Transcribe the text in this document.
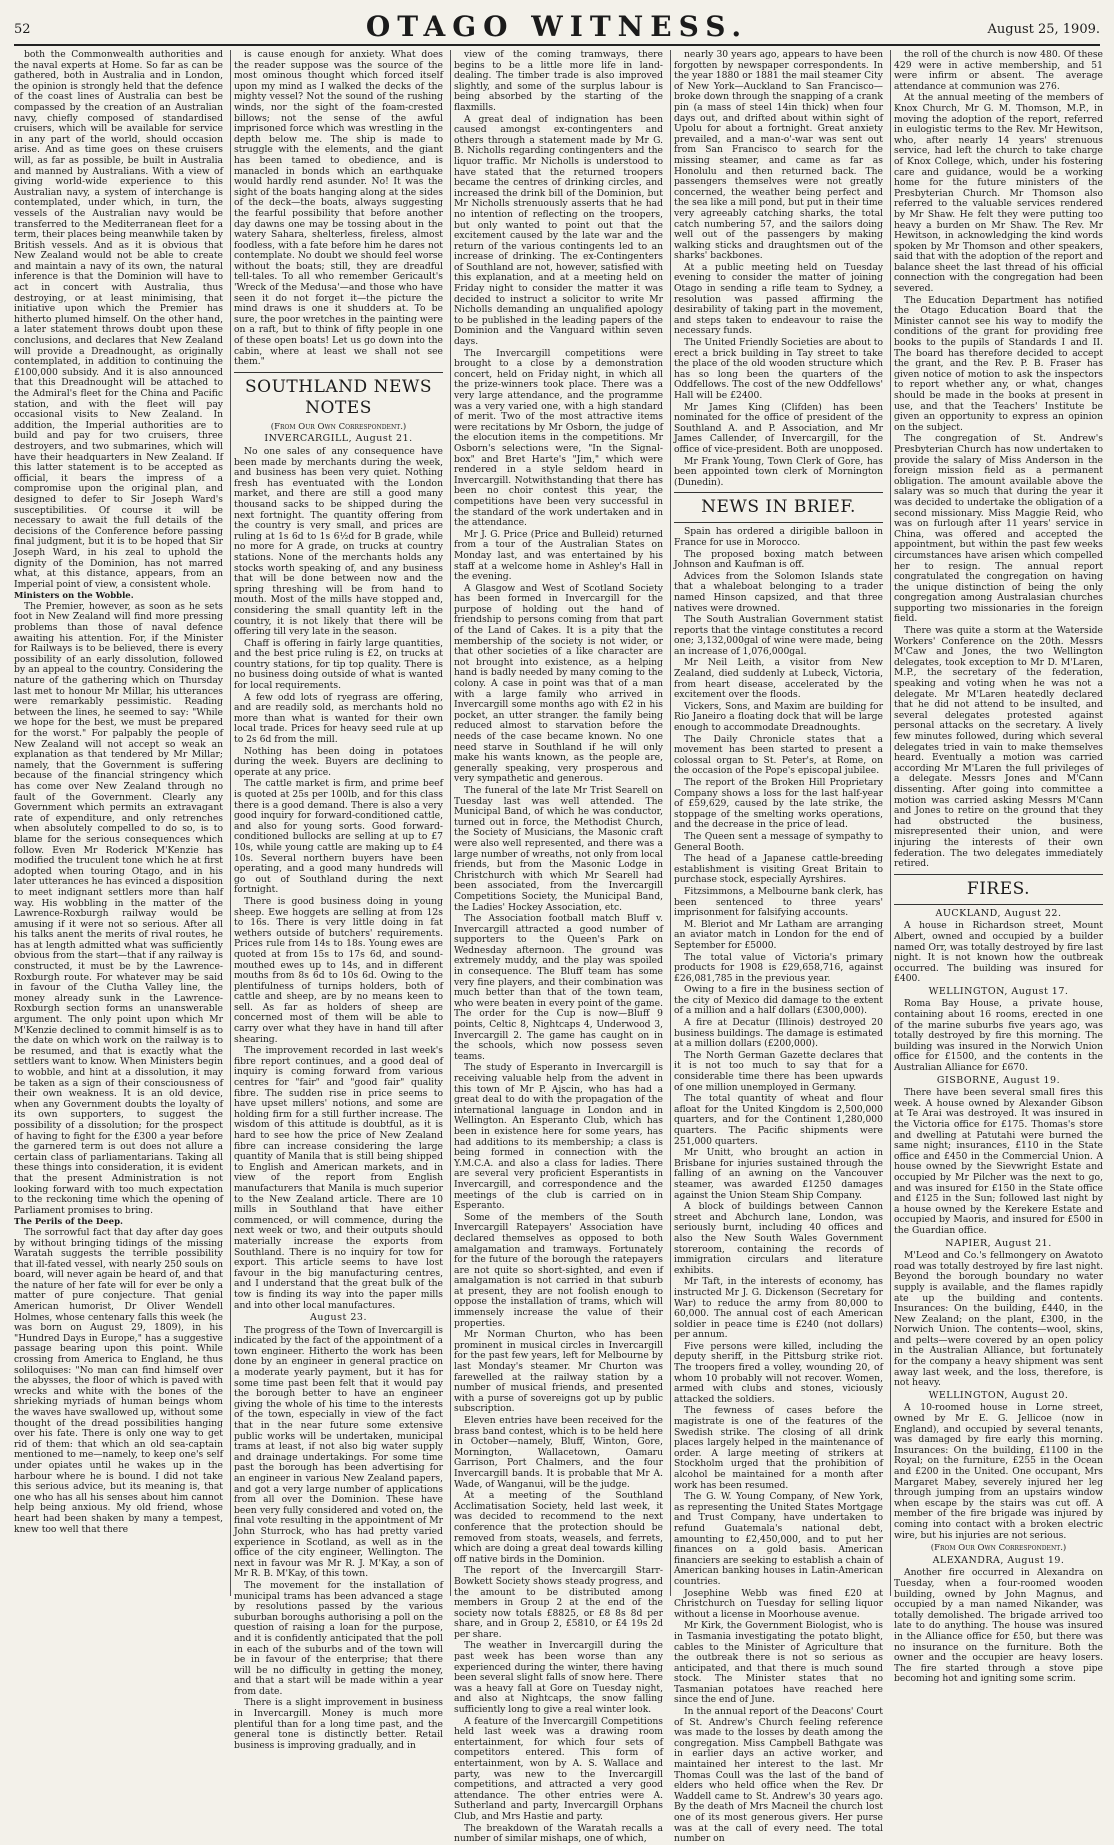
52	OTAGO WITNESS.	August 25, 1909.

both the Commonwealth authorities and the naval experts at Home. So far as can be gathered, both in Australia and in London, the opinion is strongly held that the defence of the coast lines of Australia can best be compassed by the creation of an Australian navy, chiefly composed of standardised cruisers, which will be available for service in any part of the world, should occasion arise. And as time goes on these cruisers will, as far as possible, be built in Australia and manned by Australians. With a view of giving world-wide experience to this Australian navy, a system of interchange is contemplated, under which, in turn, the vessels of the Australian navy would be transferred to the Mediterranean fleet for a term, their places being meanwhile taken by British vessels. And as it is obvious that New Zealand would not be able to create and maintain a navy of its own, the natural inference is that the Dominion will have to act in concert with Australia, thus destroying, or at least minimising, that initiative upon which the Premier has hitherto plumed himself. On the other hand, a later statement throws doubt upon these conclusions, and declares that New Zealand will provide a Dreadnought, as originally contemplated, in addition to continuing the £100,000 subsidy. And it is also announced that this Dreadnought will be attached to the Admiral's fleet for the China and Pacific station, and with the fleet will pay occasional visits to New Zealand. In addition, the Imperial authorities are to build and pay for two cruisers, three destroyers, and two submarines, which will have their headquarters in New Zealand. If this latter statement is to be accepted as official, it bears the impress of a compromise upon the original plan, and designed to defer to Sir Joseph Ward's susceptibilities. Of course it will be necessary to await the full details of the decisions of the Conference before passing final judgment, but it is to be hoped that Sir Joseph Ward, in his zeal to uphold the dignity of the Dominion, has not marred what, at this distance, appears, from an Imperial point of view, a consistent whole.

Ministers on the Wobble.

The Premier, however, as soon as he sets foot in New Zealand will find more pressing problems than those of naval defence awaiting his attention. For, if the Minister for Railways is to be believed, there is every possibility of an early dissolution, followed by an appeal to the country. Considering the nature of the gathering which on Thursday last met to honour Mr Millar, his utterances were remarkably pessimistic. Reading between the lines, he seemed to say: "While we hope for the best, we must be prepared for the worst." For palpably the people of New Zealand will not accept so weak an explanation as that tendered by Mr Millar; namely, that the Government is suffering because of the financial stringency which has come over New Zealand through no fault of the Government. Clearly any Government which permits an extravagant rate of expenditure, and only retrenches when absolutely compelled to do so, is to blame for the serious consequences which follow. Even Mr Roderick M'Kenzie has modified the truculent tone which he at first adopted when touring Otago, and in his later utterances he has evinced a disposition to meet indignant settlers more than half way. His wobbling in the matter of the Lawrence-Roxburgh railway would be amusing if it were not so serious. After all his talks anent the merits of rival routes, he has at length admitted what was sufficiently obvious from the start—that if any railway is constructed, it must be by the Lawrence-Roxburgh route. For whatever may be said in favour of the Clutha Valley line, the money already sunk in the Lawrence-Roxburgh section forms an unanswerable argument. The only point upon which Mr M'Kenzie declined to commit himself is as to the date on which work on the railway is to be resumed, and that is exactly what the settlers want to know. When Ministers begin to wobble, and hint at a dissolution, it may be taken as a sign of their consciousness of their own weakness. It is an old device, when any Government doubts the loyalty of its own supporters, to suggest the possibility of a dissolution; for the prospect of having to fight for the £300 a year before the garnered term is out does not allure a certain class of parliamentarians. Taking all these things into consideration, it is evident that the present Administration is not looking forward with too much expectation to the reckoning time which the opening of Parliament promises to bring.

The Perils of the Deep.

The sorrowful fact that day after day goes by without bringing tidings of the missing Waratah suggests the terrible possibility that ill-fated vessel, with nearly 250 souls on board, will never again be heard of, and that the nature of her fate will for ever be only a matter of pure conjecture. That genial American humorist, Dr Oliver Wendell Holmes, whose centenary falls this week (he was born on August 29, 1809), in his "Hundred Days in Europe," has a suggestive passage bearing upon this point. While crossing from America to England, he thus soliloquises: "No man can find himself over the abysses, the floor of which is paved with wrecks and white with the bones of the shrieking myriads of human beings whom the waves have swallowed up, without some thought of the dread possibilities hanging over his fate. There is only one way to get rid of them: that which an old sea-captain mentioned to me—namely, to keep one's self under opiates until he wakes up in the harbour where he is bound. I did not take this serious advice, but its meaning is, that one who has all his senses about him cannot help being anxious. My old friend, whose heart had been shaken by many a tempest, knew too well that there

is cause enough for anxiety. What does the reader suppose was the source of the most ominous thought which forced itself upon my mind as I walked the decks of the mighty vessel? Not the sound of the rushing winds, nor the sight of the foam-crested billows; not the sense of the awful imprisoned force which was wrestling in the depth below me. The ship is made to struggle with the elements, and the giant has been tamed to obedience, and is manacled in bonds which an earthquake would hardly rend asunder. No! It was the sight of the boats hanging along at the sides of the deck—the boats, always suggesting the fearful possibility that before another day dawns one may be tossing about in the watery Sahara, shelterless, fireless, almost foodless, with a fate before him he dares not contemplate. No doubt we should feel worse without the boats; still, they are dreadful tell-tales. To all who remember Gericault's 'Wreck of the Medusa'—and those who have seen it do not forget it—the picture the mind draws is one it shudders at. To be sure, the poor wretches in the painting were on a raft, but to think of fifty people in one of these open boats! Let us go down into the cabin, where at least we shall not see them."

SOUTHLAND NEWS NOTES
(From Our Own Correspondent.)
INVERCARGILL, August 21.

No one sales of any consequence have been made by merchants during the week, and business has been very quiet. Nothing fresh has eventuated with the London market, and there are still a good many thousand sacks to be shipped during the next fortnight. The quantity offering from the country is very small, and prices are ruling at 1s 6d to 1s 6½d for B grade, while no more for A grade, on trucks at country stations. None of the merchants holds any stocks worth speaking of, and any business that will be done between now and the spring threshing will be from hand to mouth. Most of the mills have stopped and, considering the small quantity left in the country, it is not likely that there will be offering till very late in the season.

Chaff is offering in fairly large quantities, and the best price ruling is £2, on trucks at country stations, for tip top quality. There is no business doing outside of what is wanted for local requirements.

A few odd lots of ryegrass are offering, and are readily sold, as merchants hold no more than what is wanted for their own local trade. Prices for heavy seed rule at up to 2s 6d from the mill.

Nothing has been doing in potatoes during the week. Buyers are declining to operate at any price.

The cattle market is firm, and prime beef is quoted at 25s per 100lb, and for this class there is a good demand. There is also a very good inquiry for forward-conditioned cattle, and also for young sorts. Good forward-conditioned bullocks are selling at up to £7 10s, while young cattle are making up to £4 10s. Several northern buyers have been operating, and a good many hundreds will go out of Southland during the next fortnight.

There is good business doing in young sheep. Ewe hoggets are selling at from 12s to 16s. There is very little doing in fat wethers outside of butchers' requirements. Prices rule from 14s to 18s. Young ewes are quoted at from 15s to 17s 6d, and sound-mouthed ewes up to 14s, and in different mouths from 8s 6d to 10s 6d. Owing to the plentifulness of turnips holders, both of cattle and sheep, are by no means keen to sell. As far as holders of sheep are concerned most of them will be able to carry over what they have in hand till after shearing.

The improvement recorded in last week's fibre report continues, and a good deal of inquiry is coming forward from various centres for "fair" and "good fair" quality fibre. The sudden rise in price seems to have upset millers' notions, and some are holding firm for a still further increase. The wisdom of this attitude is doubtful, as it is hard to see how the price of New Zealand fibre can increase considering the large quantity of Manila that is still being shipped to English and American markets, and in view of the report from English manufacturers that Manila is much superior to the New Zealand article. There are 10 mills in Southland that have either commenced, or will commence, during the next week or two, and their outputs should materially increase the exports from Southland. There is no inquiry for tow for export. This article seems to have lost favour in the big manufacturing centres, and I understand that the great bulk of the tow is finding its way into the paper mills and into other local manufactures.

August 23.

The progress of the Town of Invercargill is indicated by the fact of the appointment of a town engineer. Hitherto the work has been done by an engineer in general practice on a moderate yearly payment, but it has for some time past been felt that it would pay the borough better to have an engineer giving the whole of his time to the interests of the town, especially in view of the fact that in the near future some extensive public works will be undertaken, municipal trams at least, if not also big water supply and drainage undertakings. For some time past the borough has been advertising for an engineer in various New Zealand papers, and got a very large number of applications from all over the Dominion. These have been very fully considered and voted on, the final vote resulting in the appointment of Mr John Sturrock, who has had pretty varied experience in Scotland, as well as in the office of the city engineer, Wellington. The next in favour was Mr R. J. M'Kay, a son of Mr R. B. M'Kay, of this town.

The movement for the installation of municipal trams has been advanced a stage by resolutions passed by the various suburban boroughs authorising a poll on the question of raising a loan for the purpose, and it is confidently anticipated that the poll in each of the suburbs and of the town will be in favour of the enterprise; that there will be no difficulty in getting the money, and that a start will be made within a year from date.

There is a slight improvement in business in Invercargill. Money is much more plentiful than for a long time past, and the general tone is distinctly better. Retail business is improving gradually, and in

view of the coming tramways, there begins to be a little more life in land-dealing. The timber trade is also improved slightly, and some of the surplus labour is being absorbed by the starting of the flaxmills.

A great deal of indignation has been caused amongst ex-contingenters and others through a statement made by Mr G. B. Nicholls regarding contingenters and the liquor traffic. Mr Nicholls is understood to have stated that the returned troopers became the centres of drinking circles, and increased the drink bill of the Dominion, but Mr Nicholls strenuously asserts that he had no intention of reflecting on the troopers, but only wanted to point out that the excitement caused by the late war and the return of the various contingents led to an increase of drinking. The ex-Contingenters of Southland are not, however, satisfied with this explanation, and at a meeting held on Friday night to consider the matter it was decided to instruct a solicitor to write Mr Nicholls demanding an unqualified apology to be published in the leading papers of the Dominion and the Vanguard within seven days.

The Invercargill competitions were brought to a close by a demonstration concert, held on Friday night, in which all the prize-winners took place. There was a very large attendance, and the programme was a very varied one, with a high standard of merit. Two of the most attractive items were recitations by Mr Osborn, the judge of the elocution items in the competitions. Mr Osborn's selections were, "In the Signal-box" and Bret Harte's "Jim," which were rendered in a style seldom heard in Invercargill. Notwithstanding that there has been no choir contest this year, the competitions have been very successful in the standard of the work undertaken and in the attendance.

Mr J. G. Price (Price and Bulleid) returned from a tour of the Australian States on Monday last, and was entertained by his staff at a welcome home in Ashley's Hall in the evening.

A Glasgow and West of Scotland Society has been formed in Invercargill for the purpose of holding out the hand of friendship to persons coming from that part of the Land of Cakes. It is a pity that the membership of the society is not wider, or that other societies of a like character are not brought into existence, as a helping hand is badly needed by many coming to the colony. A case in point was that of a man with a large family who arrived in Invercargill some months ago with £2 in his pocket, an utter stranger. the family being reduced almost to starvation before the needs of the case became known. No one need starve in Southland if he will only make his wants known, as the people are, generally speaking, very prosperous and very sympathetic and generous.

The funeral of the late Mr Trist Searell on Tuesday last was well attended. The Municipal Band, of which he was conductor, turned out in force, the Methodist Church, the Society of Musicians, the Masonic craft were also well represented, and there was a large number of wreaths, not only from local friends, but from the Masonic Lodge in Christchurch with which Mr Searell had been associated, from the Invercargill Competitions Society, the Municipal Band, the Ladies' Hockey Association, etc.

The Association football match Bluff v. Invercargill attracted a good number of supporters to the Queen's Park on Wednesday afternoon. The ground was extremely muddy, and the play was spoiled in consequence. The Bluff team has some very fine players, and their combination was much better than that of the town team, who were beaten in every point of the game. The order for the Cup is now—Bluff 9 points, Celtic 8, Nightcaps 4, Underwood 3, Invercargill 2. The game has caught on in the schools, which now possess seven teams.

The study of Esperanto in Invercargill is receiving valuable help from the advent in this town of Mr P. Ajscin, who has had a great deal to do with the propagation of the international language in London and in Wellington. An Esperanto Club, which has been in existence here for some years, has had additions to its membership; a class is being formed in connection with the Y.M.C.A. and also a class for ladies. There are several very proficient Esperantists in Invercargill, and correspondence and the meetings of the club is carried on in Esperanto.

Some of the members of the South Invercargill Ratepayers' Association have declared themselves as opposed to both amalgamation and tramways. Fortunately for the future of the borough the ratepayers are not quite so short-sighted, and even if amalgamation is not carried in that suburb at present, they are not foolish enough to oppose the installation of trams, which will immensely increase the value of their properties.

Mr Norman Churton, who has been prominent in musical circles in Invercargill for the past few years, left for Melbourne by last Monday's steamer. Mr Churton was farewelled at the railway station by a number of musical friends, and presented with a purse of sovereigns got up by public subscription.

Eleven entries have been received for the brass band contest, which is to be held here in October—namely, Bluff, Winton, Gore, Mornington, Wallacetown, Oamaru Garrison, Port Chalmers, and the four Invercargill bands. It is probable that Mr A. Wade, of Wanganui, will be the judge.

At a meeting of the Southland Acclimatisation Society, held last week, it was decided to recommend to the next conference that the protection should be removed from stoats, weasels, and ferrets, which are doing a great deal towards killing off native birds in the Dominion.

The report of the Invercargill Starr-Bowkett Society shows steady progress, and the amount to be distributed among members in Group 2 at the end of the society now totals £8825, or £8 8s 8d per share, and in Group 2, £5810, or £4 19s 2d per share.

The weather in Invercargill during the past week has been worse than any experienced during the winter, there having been several slight falls of snow here. There was a heavy fall at Gore on Tuesday night, and also at Nightcaps, the snow falling sufficiently long to give a real winter look.

A feature of the Invercargill Competitions held last week was a drawing room entertainment, for which four sets of competitors entered. This form of entertainment, won by A. S. Wallace and party, was new to the Invercargill competitions, and attracted a very good attendance. The other entries were A. Sutherland and party, Invercargill Orphans Club, and Mrs Hastie and party.

The breakdown of the Waratah recalls a number of similar mishaps, one of which,

nearly 30 years ago, appears to have been forgotten by newspaper correspondents. In the year 1880 or 1881 the mail steamer City of New York—Auckland to San Francisco—broke down through the snapping of a crank pin (a mass of steel 14in thick) when four days out, and drifted about within sight of Upolu for about a fortnight. Great anxiety prevailed, and a man-o'-war was sent out from San Francisco to search for the missing steamer, and came as far as Honolulu and then returned back. The passengers themselves were not greatly concerned, the weather being perfect and the sea like a mill pond, but put in their time very agreeably catching sharks, the total catch numbering 57, and the sailors doing well out of the passengers by making walking sticks and draughtsmen out of the sharks' backbones.

At a public meeting held on Tuesday evening to consider the matter of joining Otago in sending a rifle team to Sydney, a resolution was passed affirming the desirability of taking part in the movement, and steps taken to endeavour to raise the necessary funds.

The United Friendly Societies are about to erect a brick building in Tay street to take the place of the old wooden structure which has so long been the quarters of the Oddfellows. The cost of the new Oddfellows' Hall will be £2400.

Mr James King (Clifden) has been nominated for the office of president of the Southland A. and P. Association, and Mr James Callender, of Invercargill, for the office of vice-president. Both are unopposed.

Mr Frank Young, Town Clerk of Gore, has been appointed town clerk of Mornington (Dunedin).

NEWS IN BRIEF.

Spain has ordered a dirigible balloon in France for use in Morocco.

The proposed boxing match between Johnson and Kaufman is off.

Advices from the Solomon Islands state that a whaleboat belonging to a trader named Hinson capsized, and that three natives were drowned.

The South Australian Government statist reports that the vintage constitutes a record one; 3,132,000gal of wine were made, being an increase of 1,076,000gal.

Mr Neil Leith, a visitor from New Zealand, died suddenly at Lubeck, Victoria, from heart disease, accelerated by the excitement over the floods.

Vickers, Sons, and Maxim are building for Rio Janeiro a floating dock that will be large enough to accommodate Dreadnoughts.

The Daily Chronicle states that a movement has been started to present a colossal organ to St. Peter's, at Rome, on the occasion of the Pope's episcopal jubilee.

The report of the Broken Hill Proprietary Company shows a loss for the last half-year of £59,629, caused by the late strike, the stoppage of the smelting works operations, and the decrease in the price of lead.

The Queen sent a message of sympathy to General Booth.

The head of a Japanese cattle-breeding establishment is visiting Great Britain to purchase stock, especially Ayrshires.

Fitzsimmons, a Melbourne bank clerk, has been sentenced to three years' imprisonment for falsifying accounts.

M. Bleriot and Mr Latham are arranging an aviator match in London for the end of September for £5000.

The total value of Victoria's primary products for 1908 is £29,658,716, against £26,081,785 in the previous year.

Owing to a fire in the business section of the city of Mexico did damage to the extent of a million and a half dollars (£300,000).

A fire at Decatur (Illinois) destroyed 20 business buildings. The damage is estimated at a million dollars (£200,000).

The North German Gazette declares that it is not too much to say that for a considerable time there has been upwards of one million unemployed in Germany.

The total quantity of wheat and flour afloat for the United Kingdom is 2,500,000 quarters, and for the Continent 1,280,000 quarters. The Pacific shipments were 251,000 quarters.

Mr Unitt, who brought an action in Brisbane for injuries sustained through the falling of an awning on the Vancouver steamer, was awarded £1250 damages against the Union Steam Ship Company.

A block of buildings between Cannon street and Abchurch lane, London, was seriously burnt, including 40 offices and also the New South Wales Government storeroom, containing the records of immigration circulars and literature exhibits.

Mr Taft, in the interests of economy, has instructed Mr J. G. Dickenson (Secretary for War) to reduce the army from 80,000 to 60,000. The annual cost of each American soldier in peace time is £240 (not dollars) per annum.

Five persons were killed, including the deputy sheriff, in the Pittsburg strike riot. The troopers fired a volley, wounding 20, of whom 10 probably will not recover. Women, armed with clubs and stones, viciously attacked the soldiers.

The fewness of cases before the magistrate is one of the features of the Swedish strike. The closing of all drink places largely helped in the maintenance of order. A large meeting of strikers at Stockholm urged that the prohibition of alcohol be maintained for a month after work has been resumed.

The G. W. Young Company, of New York, as representing the United States Mortgage and Trust Company, have undertaken to refund Guatemala's national debt, amounting to £2,450,000, and to put her finances on a gold basis. American financiers are seeking to establish a chain of American banking houses in Latin-American countries.

Josephine Webb was fined £20 at Christchurch on Tuesday for selling liquor without a license in Moorhouse avenue.

Mr Kirk, the Government Biologist, who is in Tasmania investigating the potato blight, cables to the Minister of Agriculture that the outbreak there is not so serious as anticipated, and that there is much sound stock. The Minister states that no Tasmanian potatoes have reached here since the end of June.

In the annual report of the Deacons' Court of St. Andrew's Church feeling reference was made to the losses by death among the congregation. Miss Campbell Bathgate was in earlier days an active worker, and maintained her interest to the last. Mr Thomas Coull was the last of the band of elders who held office when the Rev. Dr Waddell came to St. Andrew's 30 years ago. By the death of Mrs Macneil the church lost one of its most generous givers. Her purse was at the call of every need. The total number on

the roll of the church is now 480. Of these 429 were in active membership, and 51 were infirm or absent. The average attendance at communion was 276.

At the annual meeting of the members of Knox Church, Mr G. M. Thomson, M.P., in moving the adoption of the report, referred in eulogistic terms to the Rev. Mr Hewitson, who, after nearly 14 years' strenuous service, had left the church to take charge of Knox College, which, under his fostering care and guidance, would be a working home for the future ministers of the Presbyterian Church. Mr Thomson also referred to the valuable services rendered by Mr Shaw. He felt they were putting too heavy a burden on Mr Shaw. The Rev. Mr Hewitson, in acknowledging the kind words spoken by Mr Thomson and other speakers, said that with the adoption of the report and balance sheet the last thread of his official connection with the congregation had been severed.

The Education Department has notified the Otago Education Board that the Minister cannot see his way to modify the conditions of the grant for providing free books to the pupils of Standards I and II. The board has therefore decided to accept the grant, and the Rev. P. B. Fraser has given notice of motion to ask the inspectors to report whether any, or what, changes should be made in the books at present in use, and that the Teachers' Institute be given an opportunity to express an opinion on the subject.

The congregation of St. Andrew's Presbyterian Church has now undertaken to provide the salary of Miss Anderson in the foreign mission field as a permanent obligation. The amount available above the salary was so much that during the year it was decided to undertake the obligation of a second missionary. Miss Maggie Reid, who was on furlough after 11 years' service in China, was offered and accepted the appointment, but within the past few weeks circumstances have arisen which compelled her to resign. The annual report congratulated the congregation on having the unique distinction of being the only congregation among Australasian churches supporting two missionaries in the foreign field.

There was quite a storm at the Waterside Workers' Conference on the 20th. Messrs M'Caw and Jones, the two Wellington delegates, took exception to Mr D. M'Laren, M.P., the secretary of the federation, speaking and voting when he was not a delegate. Mr M'Laren heatedly declared that he did not attend to be insulted, and several delegates protested against personal attacks on the secretary. A lively few minutes followed, during which several delegates tried in vain to make themselves heard. Eventually a motion was carried according Mr M'Laren the full privileges of a delegate. Messrs Jones and M'Cann dissenting. After going into committee a motion was carried asking Messrs M'Cann and Jones to retire on the ground that they had obstructed the business, misrepresented their union, and were injuring the interests of their own federation. The two delegates immediately retired.

FIRES.
AUCKLAND, August 22.

A house in Richardson street, Mount Albert, owned and occupied by a builder named Orr, was totally destroyed by fire last night. It is not known how the outbreak occurred. The building was insured for £400.

WELLINGTON, August 17.

Roma Bay House, a private house, containing about 16 rooms, erected in one of the marine suburbs five years ago, was totally destroyed by fire this morning. The building was insured in the Norwich Union office for £1500, and the contents in the Australian Alliance for £670.

GISBORNE, August 19.

There have been several small fires this week. A house owned by Alexander Gibson at Te Arai was destroyed. It was insured in the Victoria office for £175. Thomas's store and dwelling at Patutahi were burned the same night; insurances, £110 in the State office and £450 in the Commercial Union. A house owned by the Sievwright Estate and occupied by Mr Pilcher was the next to go, and was insured for £150 in the State office and £125 in the Sun; followed last night by a house owned by the Kerekere Estate and occupied by Maoris, and insured for £500 in the Guardian office.

NAPIER, August 21.

M'Leod and Co.'s fellmongery on Awatoto road was totally destroyed by fire last night. Beyond the borough boundary no water supply is available, and the flames rapidly ate up the building and contents. Insurances: On the building, £440, in the New Zealand; on the plant, £300, in the Norwich Union. The contents—wool, skins, and pelts—were covered by an open policy in the Australian Alliance, but fortunately for the company a heavy shipment was sent away last week, and the loss, therefore, is not heavy.

WELLINGTON, August 20.

A 10-roomed house in Lorne street, owned by Mr E. G. Jellicoe (now in England), and occupied by several tenants, was damaged by fire early this morning. Insurances: On the building, £1100 in the Royal; on the furniture, £255 in the Ocean and £200 in the United. One occupant, Mrs Margaret Mabey, severely injured her leg through jumping from an upstairs window when escape by the stairs was cut off. A member of the fire brigade was injured by coming into contact with a broken electric wire, but his injuries are not serious.

(From Our Own Correspondent.)
ALEXANDRA, August 19.

Another fire occurred in Alexandra on Tuesday, when a four-roomed wooden building, owned by John Magnus, and occupied by a man named Nikander, was totally demolished. The brigade arrived too late to do anything. The house was insured in the Alliance office for £50, but there was no insurance on the furniture. Both the owner and the occupier are heavy losers. The fire started through a stove pipe becoming hot and igniting some scrim.
